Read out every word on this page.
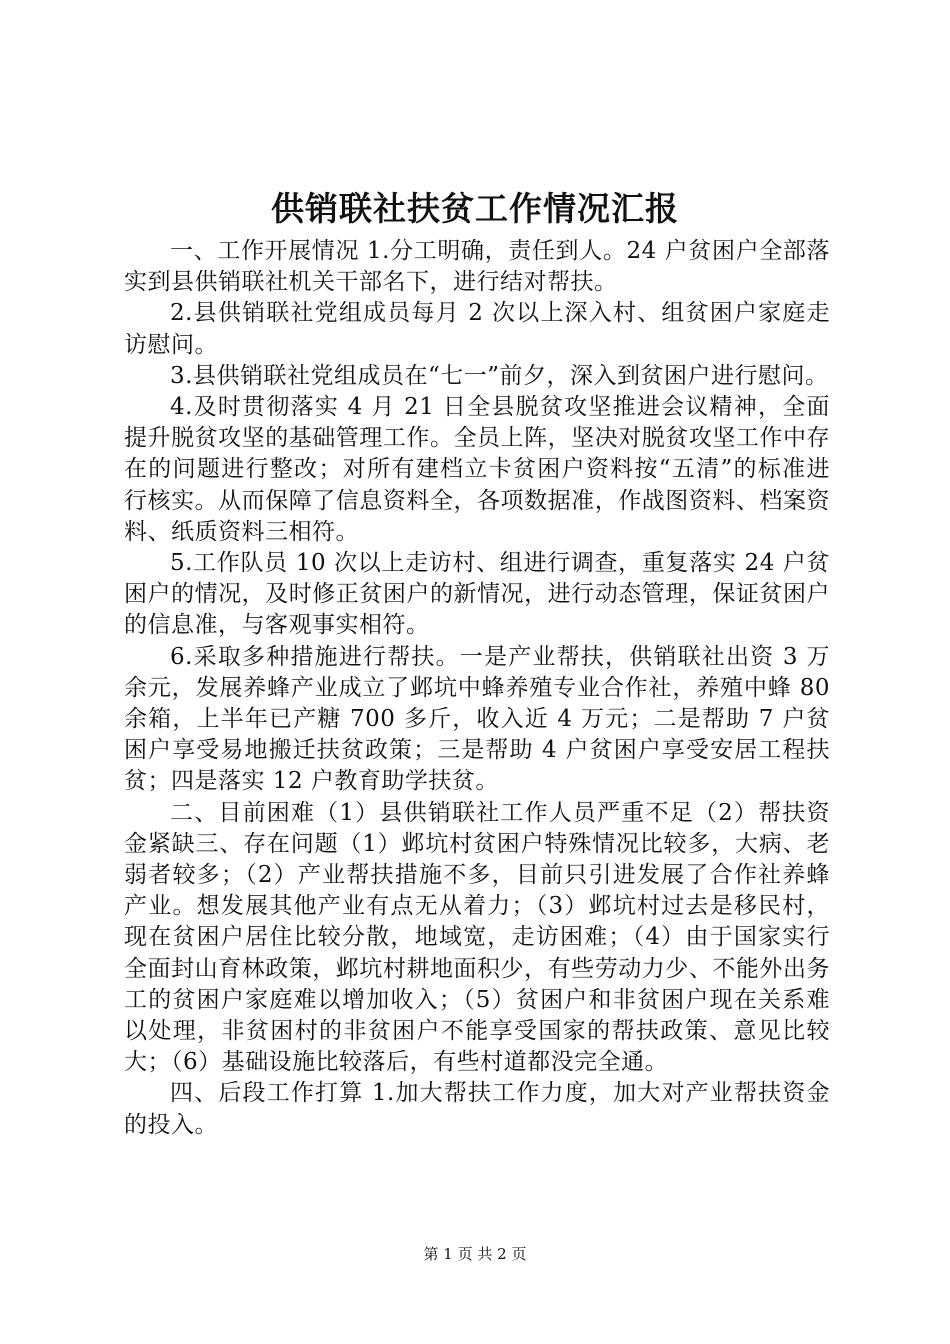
供销联社扶贫工作情况汇报

一、工作开展情况 1.分工明确，责任到人。24 户贫困户全部落实到县供销联社机关干部名下，进行结对帮扶。

2.县供销联社党组成员每月 2 次以上深入村、组贫困户家庭走访慰问。

3.县供销联社党组成员在“七一”前夕，深入到贫困户进行慰问。

4.及时贯彻落实 4 月 21 日全县脱贫攻坚推进会议精神，全面提升脱贫攻坚的基础管理工作。全员上阵，坚决对脱贫攻坚工作中存在的问题进行整改；对所有建档立卡贫困户资料按“五清”的标准进行核实。从而保障了信息资料全，各项数据准，作战图资料、档案资料、纸质资料三相符。

5.工作队员 10 次以上走访村、组进行调查，重复落实 24 户贫困户的情况，及时修正贫困户的新情况，进行动态管理，保证贫困户的信息准，与客观事实相符。

6.采取多种措施进行帮扶。一是产业帮扶，供销联社出资 3 万余元，发展养蜂产业成立了邺坑中蜂养殖专业合作社，养殖中蜂 80 余箱，上半年已产糖 700 多斤，收入近 4 万元；二是帮助 7 户贫困户享受易地搬迁扶贫政策；三是帮助 4 户贫困户享受安居工程扶贫；四是落实 12 户教育助学扶贫。

二、目前困难（1）县供销联社工作人员严重不足（2）帮扶资金紧缺三、存在问题（1）邺坑村贫困户特殊情况比较多，大病、老弱者较多；（2）产业帮扶措施不多，目前只引进发展了合作社养蜂产业。想发展其他产业有点无从着力；（3）邺坑村过去是移民村，现在贫困户居住比较分散，地域宽，走访困难；（4）由于国家实行全面封山育林政策，邺坑村耕地面积少，有些劳动力少、不能外出务工的贫困户家庭难以增加收入；（5）贫困户和非贫困户现在关系难以处理，非贫困村的非贫困户不能享受国家的帮扶政策、意见比较大；（6）基础设施比较落后，有些村道都没完全通。

四、后段工作打算 1.加大帮扶工作力度，加大对产业帮扶资金的投入。

第 1 页 共 2 页
